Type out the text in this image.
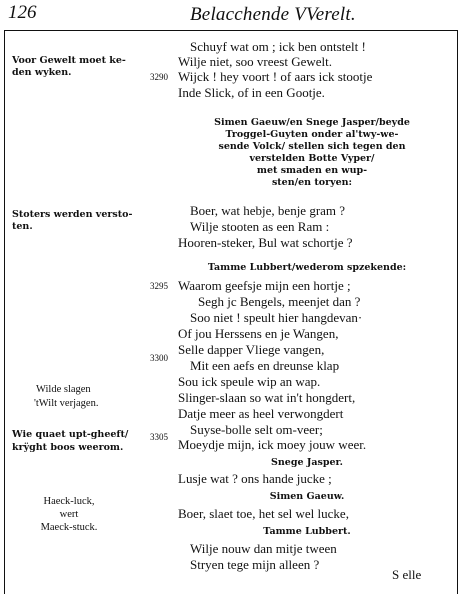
126	Belacchende VVerelt.
Voor Gewelt moet ke-
den wyken.
Stoters werden versto-
ten.
Wilde slagen
'tWilt verjagen.
Wie quaet upt-gheeft/
krÿght boos weerom.
Haeck-luck,
wert
Maeck-stuck.
3290
3295
3300
3305
Schuyf wat om ; ick ben ontstelt !
Wilje niet, soo vreest Gewelt.
Wijck ! hey voort ! of aars ick stootje
Inde Slick, of in een Gootje.
Simen Gaeuw/en Snege Jasper/beyde
Troggel-Guyten onder al'twy-we-
sende Volck/ stellen sich tegen den
verstelden Botte Vyper/
met smaden en wup-
sten/en toryen:
Boer, wat hebje, benje gram ?
Wilje stooten as een Ram :
Hooren-steker, Bul wat schortje ?
Tamme Lubbert/wederom spzekende:
Waarom geefsje mijn een hortje ;
Segh jc Bengels, meenjet dan ?
Soo niet ! speult hier hangdevan·
Of jou Herssens en je Wangen,
Selle dapper Vliege vangen,
Mit een aefs en dreunse klap
Sou ick speule wip an wap.
Slinger-slaan so wat in't hongdert,
Datje meer as heel verwongdert
Suyse-bolle selt om-veer;
Moeydje mijn, ick moey jouw weer.
Snege Jasper.
Lusje wat ? ons hande jucke ;
Simen Gaeuw.
Boer, slaet toe, het sel wel lucke,
Tamme Lubbert.
Wilje nouw dan mitje tween
Stryen tege mijn alleen ?
S elle
